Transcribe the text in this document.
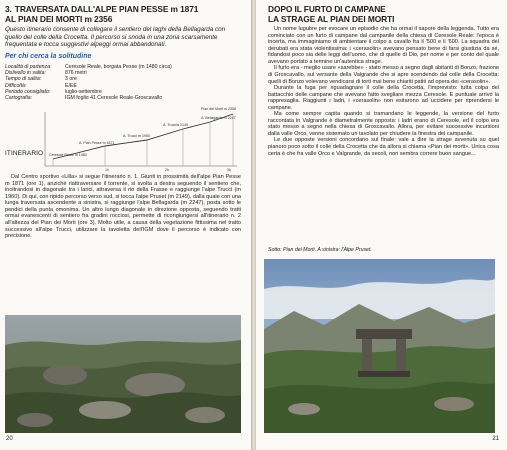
3. TRAVERSATA DALL'ALPE PIAN PESSE m 1871
AL PIAN DEI MORTI m 2356

Questo itinerario consente di collegare il sentiero del laghi della Bellagarda con quello del colle della Crocetta. Il percorso si snoda in una zona scarsamente frequentata e tocca suggestivi alpeggi ormai abbandonati.

Per chi cerca la solitudine
Località di partenza:	Ceresole Reale, borgata Pesse (m 1480 circa)
Dislivello in salita:	876 metri
Tempo di salita:	3 ore
Difficoltà:	E/EE
Periodo consigliato:	luglio-settembre
Cartografia:	IGM foglio 41 Ceresole Reale-Groscavallo
Ceresole Reale m 1480
A. Pian Pesse m 1871
A. Trucci m 1960
A. Truccia 2149
A. Bellagarda m 2247
Pian dei Morti m 2356
1h	2h	3h
ITINERARIO

Dal Centro sportivo «Lilla» si segue l'itinerario n. 1. Giunti in prossimità dell'alpe Pian Pesse m 1871 (ore 1), anziché riattraversare il torrente, si svolta a destra seguendo il sentiero che, inoltrandosi in diagonale tra i larici, attraversa il rio della Frasse e raggiunge l'alpe Trucci (m 1960). Di qui, con ripido percorso verso sud, si tocca l'alpe Pruset (m 2149), dalla quale con una lunga traversata ascendente a sinistra, si raggiunge l'alpe Bellagarda (m 2247), posta sotto le pendici della punta omonima. Un altro lungo diagonale in direzione opposta, seguendo tratti ormai evanescenti di sentiero fra gradini rocciosi, permette di ricongiungersi all'itinerario n. 2 all'altezza del Pian dei Morti (ore 3). Molto utile, a causa della vegetazione fittissima nel tratto successivo all'alpe Trucci, utilizzare la tavoletta dell'IGM dove il percorso è indicato con precisione.

20
DOPO IL FURTO DI CAMPANE
LA STRAGE AL PIAN DEI MORTI

Un nome lugubre per evocare un episodio che ha ormai il sapore della leggenda. Tutto era cominciato con un furto di campane dal campanile della chiesa di Ceresole Reale: l'epoca è incerta, ma immaginiamo di ambientare il colpo a cavallo fra il '500 e il '600. La squadra dei derubati era stata violentissima: i «cerasolin» avevano pensato bene di farsi giustizia da sé, fidandosi poco sia delle leggi dell'uomo, che di quelle di Dio, per nome e per conto del quale avevano portato a termine un'autentica strage.

Il furto era - meglio usare «sarebbe» - stato messo a segno dagli abitanti di Bonzo, frazione di Groscavallo, sul versante della Valgrande che si apre scendendo dal colle della Crocetta: quelli di Bonzo volevano vendicarsi di torti mai bene chiariti patiti ad opera dei «cerasolin».

Durante la fuga per riguadagnare il colle della Crocetta, l'imprevisto: tutta colpa del battacchio delle campane che avevano fatto svegliare mezza Ceresole. E puntuale arrivò la rappresaglia. Raggiunti i ladri, i «cerasolin» non esitarono ad uccidere per riprendersi le campane.

Ma come sempre capita quando si tramandano le leggende, la versione del furto raccontata in Valgrande è diametralmente opposta: i ladri erano di Ceresole, ed il colpo era stato messo a segno nella chiesa di Groscavallo. Allora, per evitare successive incursioni dalla valle Orco, venne sistemato un tavolato per chiudere la finestra del campanile.

Le due opposte versioni concordano sul finale: vale a dire la strage avvenuta su quel pianoro poco sotto il colle della Crocetta che da allora si chiama «Pian dei morti». Unica cosa certa è che fra valle Orco e Valgrande, da secoli, non sembra correre buon sangue...

Sotto: Pian dei Morti. A sinistra: l'Alpe Pruset.
21
